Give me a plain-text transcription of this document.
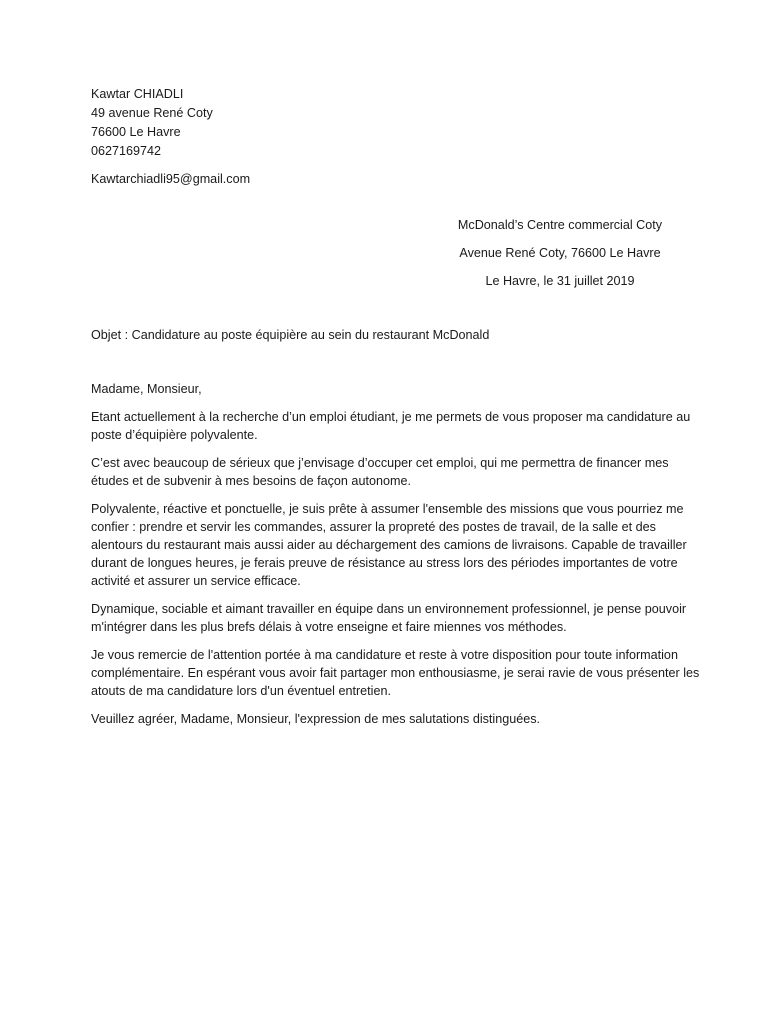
Kawtar CHIADLI
49 avenue René Coty
76600 Le Havre
0627169742
Kawtarchiadli95@gmail.com
McDonald’s Centre commercial Coty
Avenue René Coty, 76600 Le Havre
Le Havre, le 31 juillet 2019
Objet : Candidature au poste équipière au sein du restaurant McDonald

Madame, Monsieur,

Etant actuellement à la recherche d’un emploi étudiant, je me permets de vous proposer ma candidature au poste d’équipière polyvalente.

C’est avec beaucoup de sérieux que j’envisage d’occuper cet emploi, qui me permettra de financer mes études et de subvenir à mes besoins de façon autonome.

Polyvalente, réactive et ponctuelle, je suis prête à assumer l'ensemble des missions que vous pourriez me confier : prendre et servir les commandes, assurer la propreté des postes de travail, de la salle et des alentours du restaurant mais aussi aider au déchargement des camions de livraisons. Capable de travailler durant de longues heures, je ferais preuve de résistance au stress lors des périodes importantes de votre activité et assurer un service efficace.

Dynamique, sociable et aimant travailler en équipe dans un environnement professionnel, je pense pouvoir m'intégrer dans les plus brefs délais à votre enseigne et faire miennes vos méthodes.

Je vous remercie de l'attention portée à ma candidature et reste à votre disposition pour toute information complémentaire. En espérant vous avoir fait partager mon enthousiasme, je serai ravie de vous présenter les atouts de ma candidature lors d'un éventuel entretien.

Veuillez agréer, Madame, Monsieur, l'expression de mes salutations distinguées.
